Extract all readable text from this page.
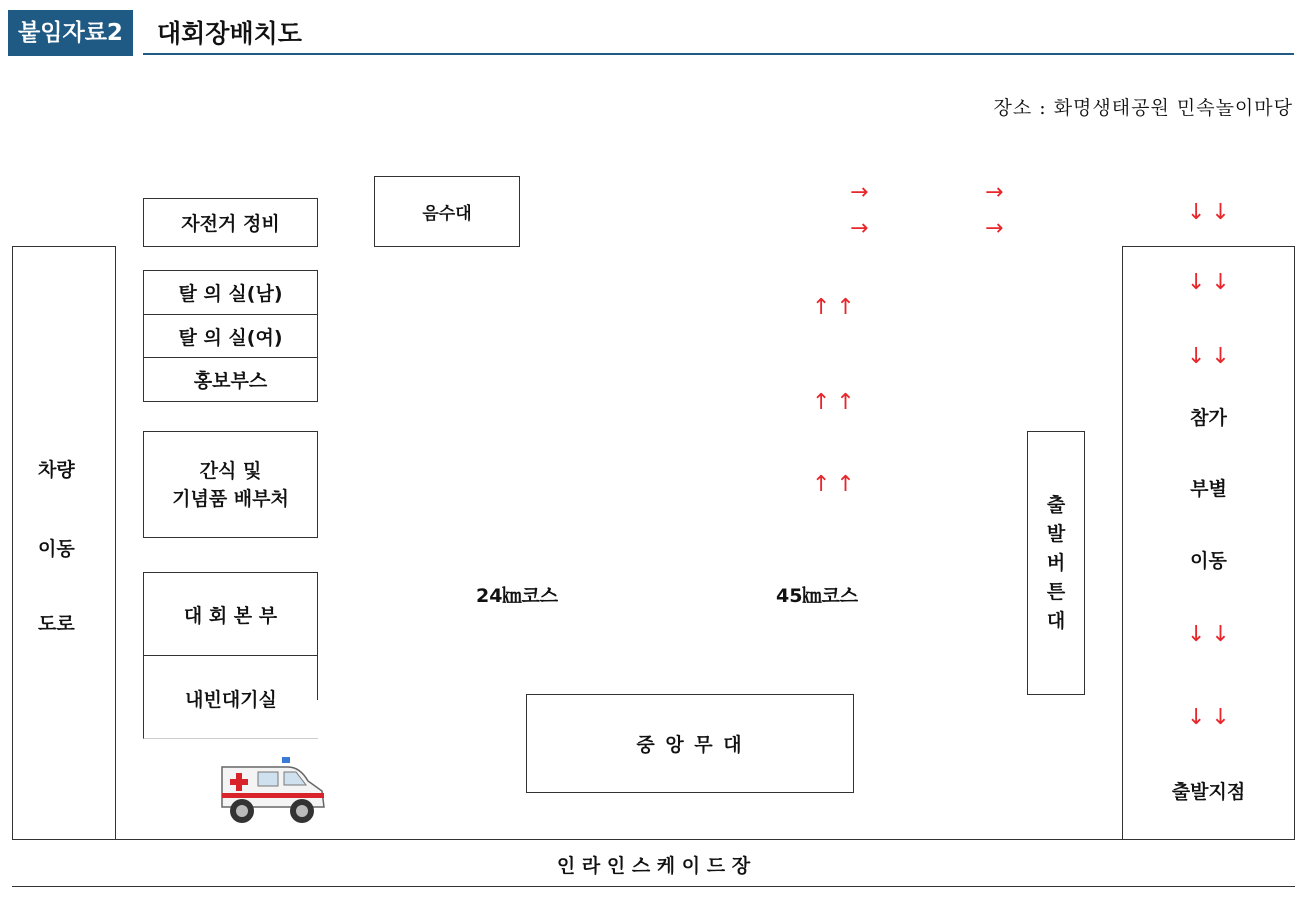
붙임자료2	대회장배치도
장소 : 화명생태공원 민속놀이마당
차량
이동
도로
자전거 정비	음수대
탈 의 실(남)
탈 의 실(여)
홍보부스
간식 및
기념품 배부처
대 회 본 부
내빈대기실
→
→
→
→
↑↑
↑↑
↑↑
↓↓
↓↓
↓↓
↓↓
↓↓
24㎞코스	45㎞코스
출
발
버
튼
대
중 앙 무 대
참가
부별
이동
출발지점
인 라 인 스 케 이 드 장
